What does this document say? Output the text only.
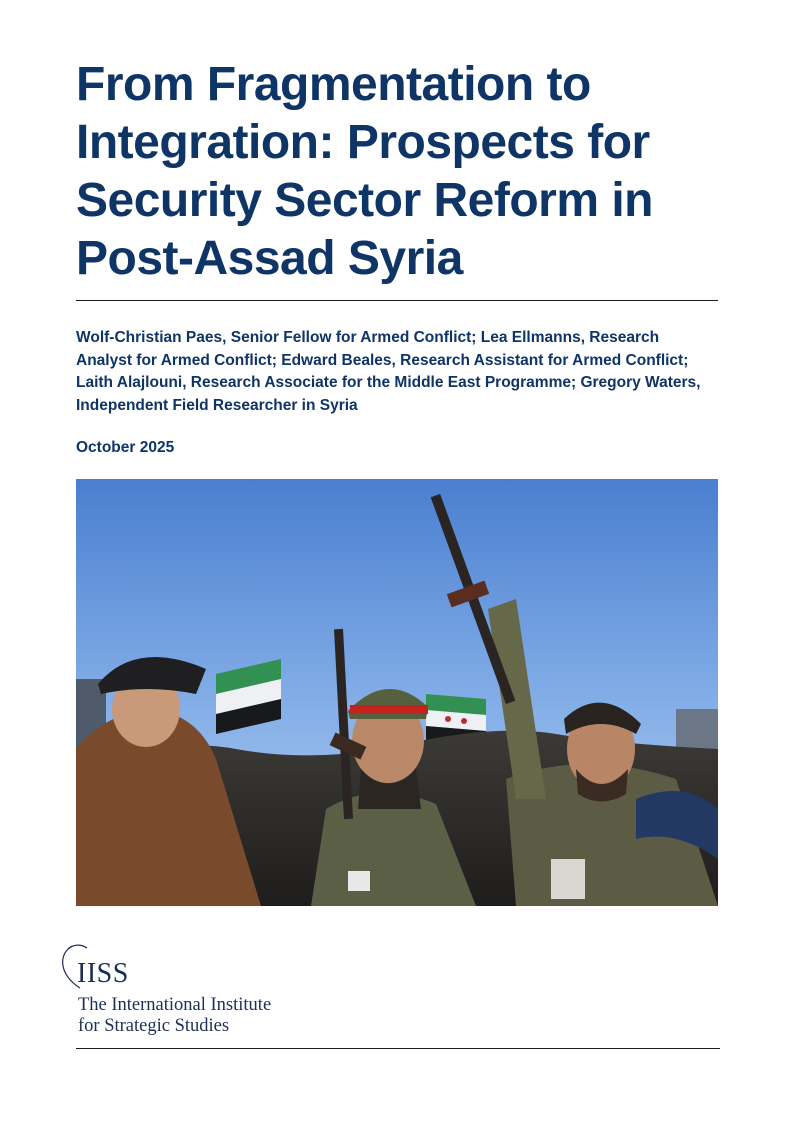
From Fragmentation to Integration: Prospects for Security Sector Reform in Post-Assad Syria

Wolf-Christian Paes, Senior Fellow for Armed Conflict; Lea Ellmanns, Research Analyst for Armed Conflict; Edward Beales, Research Assistant for Armed Conflict; Laith Alajlouni, Research Associate for the Middle East Programme; Gregory Waters, Independent Field Researcher in Syria

October 2025

IISS
The International Institute
for Strategic Studies
